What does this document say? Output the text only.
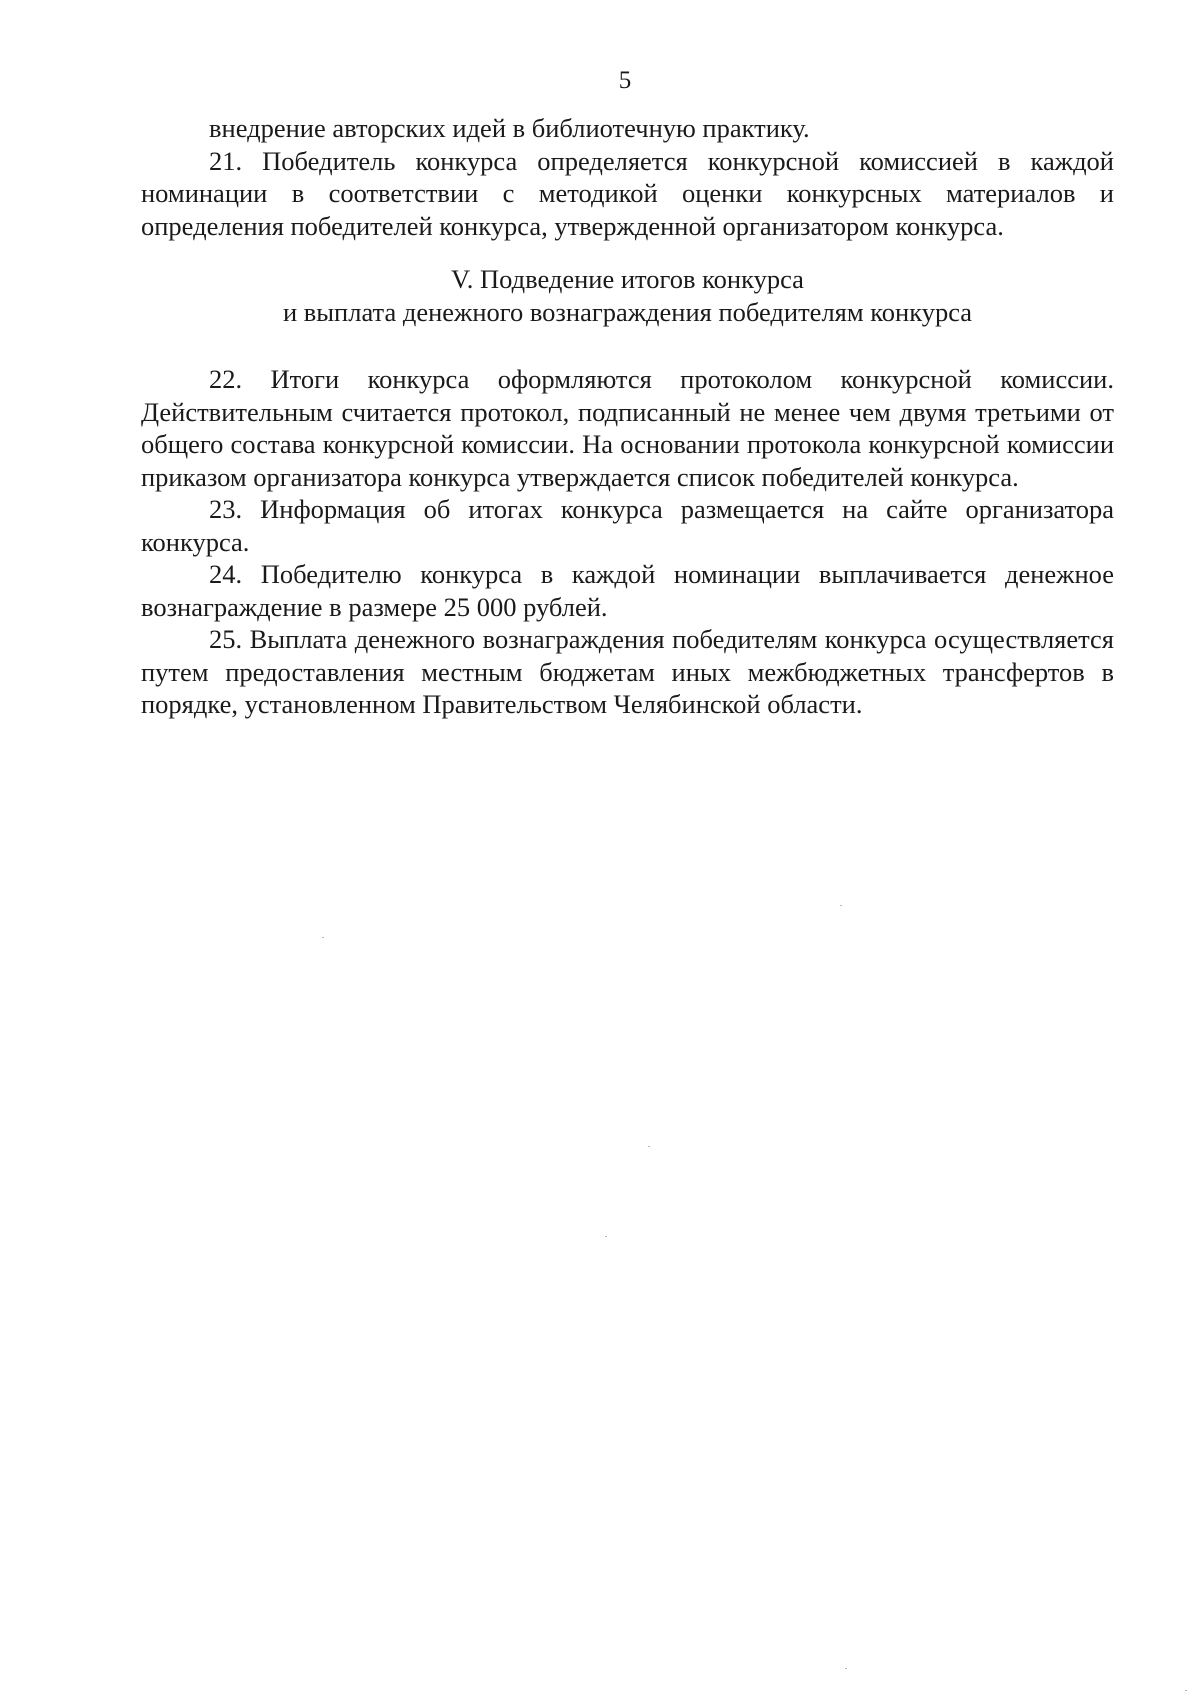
5

внедрение авторских идей в библиотечную практику.

21. Победитель конкурса определяется конкурсной комиссией в каждой номинации в соответствии с методикой оценки конкурсных материалов и определения победителей конкурса, утвержденной организатором конкурса.

V. Подведение итогов конкурса
и выплата денежного вознаграждения победителям конкурса

22. Итоги конкурса оформляются протоколом конкурсной комиссии. Действительным считается протокол, подписанный не менее чем двумя третьими от общего состава конкурсной комиссии. На основании протокола конкурсной комиссии приказом организатора конкурса утверждается список победителей конкурса.

23. Информация об итогах конкурса размещается на сайте организатора конкурса.

24. Победителю конкурса в каждой номинации выплачивается денежное вознаграждение в размере 25 000 рублей.

25. Выплата денежного вознаграждения победителям конкурса осуществляется путем предоставления местным бюджетам иных межбюджетных трансфертов в порядке, установленном Правительством Челябинской области.
